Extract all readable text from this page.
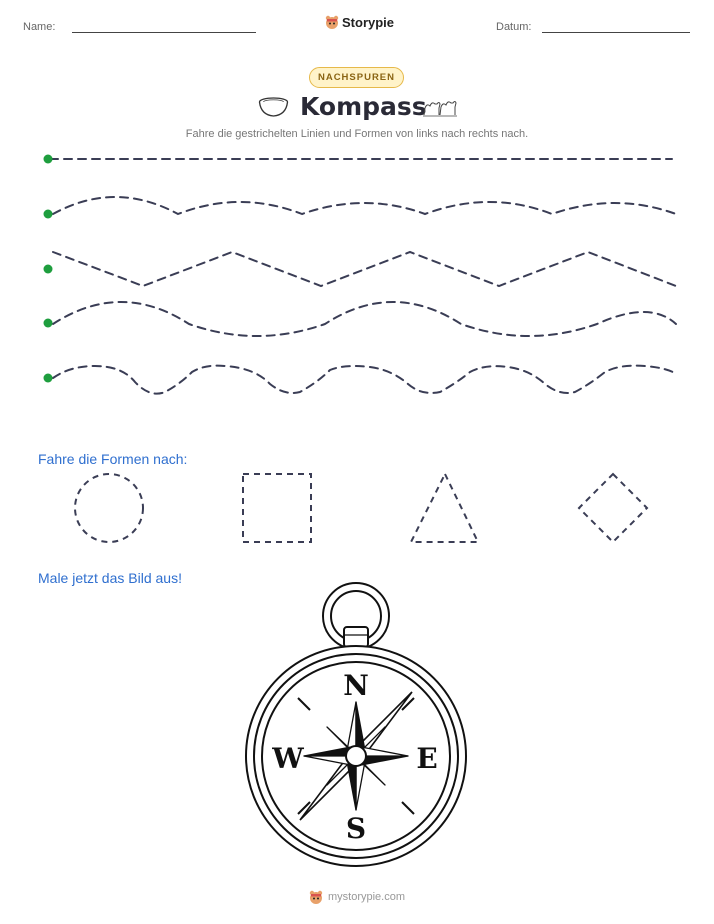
Name:	Storypie	Datum:
NACHSPUREN
Kompass
Fahre die gestrichelten Linien und Formen von links nach rechts nach.
Fahre die Formen nach:
Male jetzt das Bild aus!
N
S
W	E
mystorypie.com
